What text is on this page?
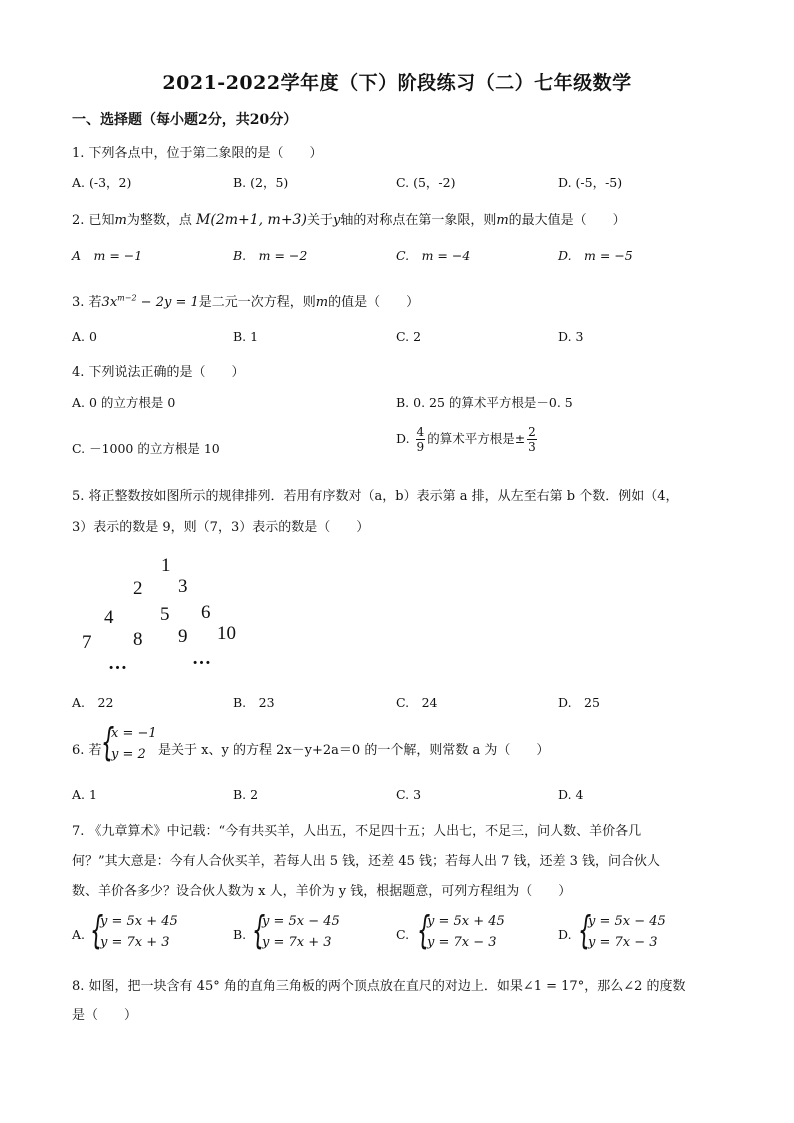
2021-2022学年度（下）阶段练习（二）七年级数学
一、选择题（每小题2分，共20分）
1. 下列各点中，位于第二象限的是（　　）
A. (-3，2)	B. (2，5)	C. (5，-2)	D. (-5，-5)
2. 已知m为整数，点 M(2m+1, m+3)关于y轴的对称点在第一象限，则m的最大值是（　　）
A　m = −1	B.　m = −2	C.　m = −4	D.　m = −5
3. 若$3x^{m-2} - 2y = 1$是二元一次方程，则m的值是（　　）
A. 0	B. 1	C. 2	D. 3
4. 下列说法正确的是（　　）
A. 0 的立方根是 0	B. 0. 25 的算术平方根是－0. 5
C. －1000 的立方根是 10
D. $\frac{4}{9}$ 的算术平方根是± $\frac{2}{3}$
5. 将正整数按如图所示的规律排列．若用有序数对（a，b）表示第 a 排，从左至右第 b 个数．例如（4，
3）表示的数是 9，则（7，3）表示的数是（　　）
1
2 3
4 5 6
7 8 9 10
…	…
A.　22	B.　23	C.　24	D.　25
6. 若 {
x = −1
y = 2 是关于 x、y 的方程 2x－y+2a＝0 的一个解，则常数 a 为（　　）
A. 1	B. 2	C. 3	D. 4
7. 《九章算术》中记载：“今有共买羊，人出五，不足四十五；人出七，不足三，问人数、羊价各几
何？”其大意是：今有人合伙买羊，若每人出 5 钱，还差 45 钱；若每人出 7 钱，还差 3 钱，问合伙人
数、羊价各多少？设合伙人数为 x 人，羊价为 y 钱，根据题意，可列方程组为（　　）
A. {
y = 5x + 45
y = 7x + 3
B. {
y = 5x − 45
y = 7x + 3
C. {
y = 5x + 45
y = 7x − 3
D. {
y = 5x − 45
y = 7x − 3
8. 如图，把一块含有 45° 角的直角三角板的两个顶点放在直尺的对边上．如果∠1 = 17°，那么∠2 的度数
是（　　）
